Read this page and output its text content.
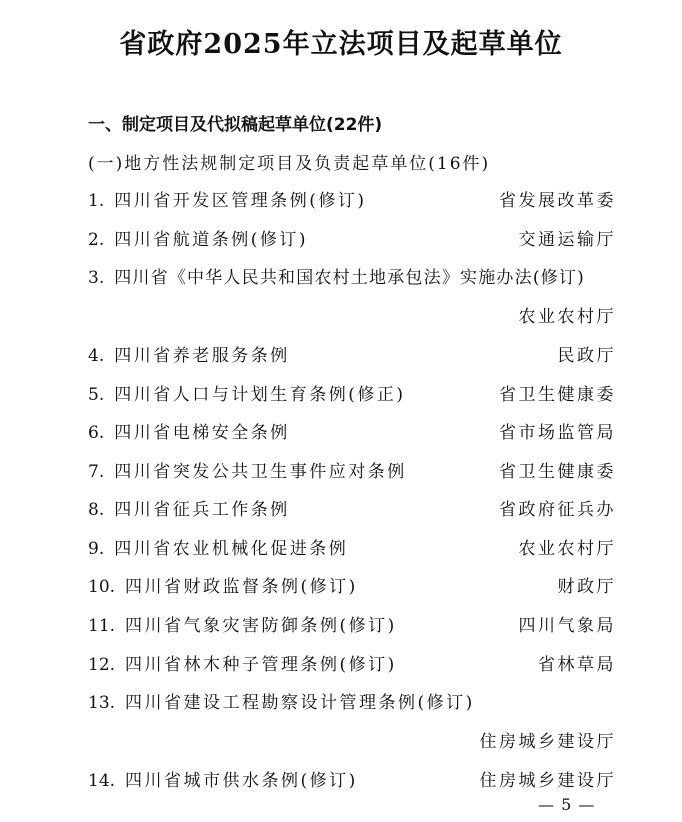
省政府2025年立法项目及起草单位
一、制定项目及代拟稿起草单位(22件)
(一)地方性法规制定项目及负责起草单位(16件)
1. 四川省开发区管理条例(修订)	省发展改革委
2. 四川省航道条例(修订)	交通运输厅
3. 四川省《中华人民共和国农村土地承包法》实施办法(修订)
农业农村厅
4. 四川省养老服务条例	民政厅
5. 四川省人口与计划生育条例(修正)	省卫生健康委
6. 四川省电梯安全条例	省市场监管局
7. 四川省突发公共卫生事件应对条例	省卫生健康委
8. 四川省征兵工作条例	省政府征兵办
9. 四川省农业机械化促进条例	农业农村厅
10. 四川省财政监督条例(修订)	财政厅
11. 四川省气象灾害防御条例(修订)	四川气象局
12. 四川省林木种子管理条例(修订)	省林草局
13. 四川省建设工程勘察设计管理条例(修订)
住房城乡建设厅
14. 四川省城市供水条例(修订)	住房城乡建设厅
— 5 —
